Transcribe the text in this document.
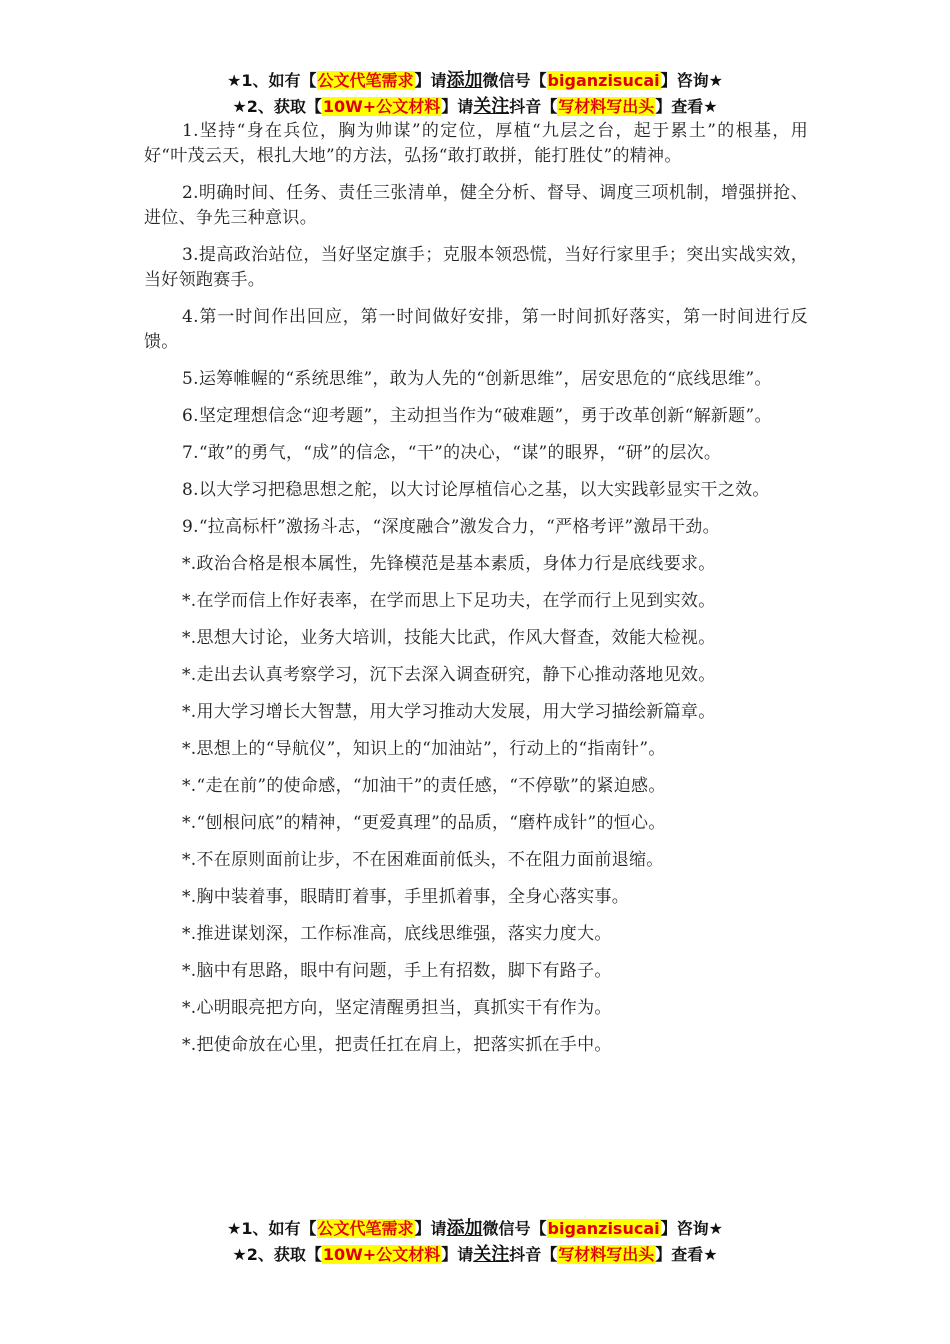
★1、如有【公文代笔需求】请添加微信号【biganzisucai】咨询★
★2、获取【10W+公文材料】请关注抖音【写材料写出头】查看★

1.坚持“身在兵位，胸为帅谋”的定位，厚植“九层之台，起于累土”的根基，用好“叶茂云天，根扎大地”的方法，弘扬“敢打敢拼，能打胜仗”的精神。

2.明确时间、任务、责任三张清单，健全分析、督导、调度三项机制，增强拼抢、进位、争先三种意识。

3.提高政治站位，当好坚定旗手；克服本领恐慌，当好行家里手；突出实战实效，当好领跑赛手。

4.第一时间作出回应，第一时间做好安排，第一时间抓好落实，第一时间进行反馈。

5.运筹帷幄的“系统思维”，敢为人先的“创新思维”，居安思危的“底线思维”。

6.坚定理想信念“迎考题”，主动担当作为“破难题”，勇于改革创新“解新题”。

7.“敢”的勇气，“成”的信念，“干”的决心，“谋”的眼界，“研”的层次。

8.以大学习把稳思想之舵，以大讨论厚植信心之基，以大实践彰显实干之效。

9.“拉高标杆”激扬斗志，“深度融合”激发合力，“严格考评”激昂干劲。

*.政治合格是根本属性，先锋模范是基本素质，身体力行是底线要求。

*.在学而信上作好表率，在学而思上下足功夫，在学而行上见到实效。

*.思想大讨论，业务大培训，技能大比武，作风大督查，效能大检视。

*.走出去认真考察学习，沉下去深入调查研究，静下心推动落地见效。

*.用大学习增长大智慧，用大学习推动大发展，用大学习描绘新篇章。

*.思想上的“导航仪”，知识上的“加油站”，行动上的“指南针”。

*.“走在前”的使命感，“加油干”的责任感，“不停歇”的紧迫感。

*.“刨根问底”的精神，“更爱真理”的品质，“磨杵成针”的恒心。

*.不在原则面前让步，不在困难面前低头，不在阻力面前退缩。

*.胸中装着事，眼睛盯着事，手里抓着事，全身心落实事。

*.推进谋划深，工作标准高，底线思维强，落实力度大。

*.脑中有思路，眼中有问题，手上有招数，脚下有路子。

*.心明眼亮把方向，坚定清醒勇担当，真抓实干有作为。

*.把使命放在心里，把责任扛在肩上，把落实抓在手中。

★1、如有【公文代笔需求】请添加微信号【biganzisucai】咨询★
★2、获取【10W+公文材料】请关注抖音【写材料写出头】查看★
